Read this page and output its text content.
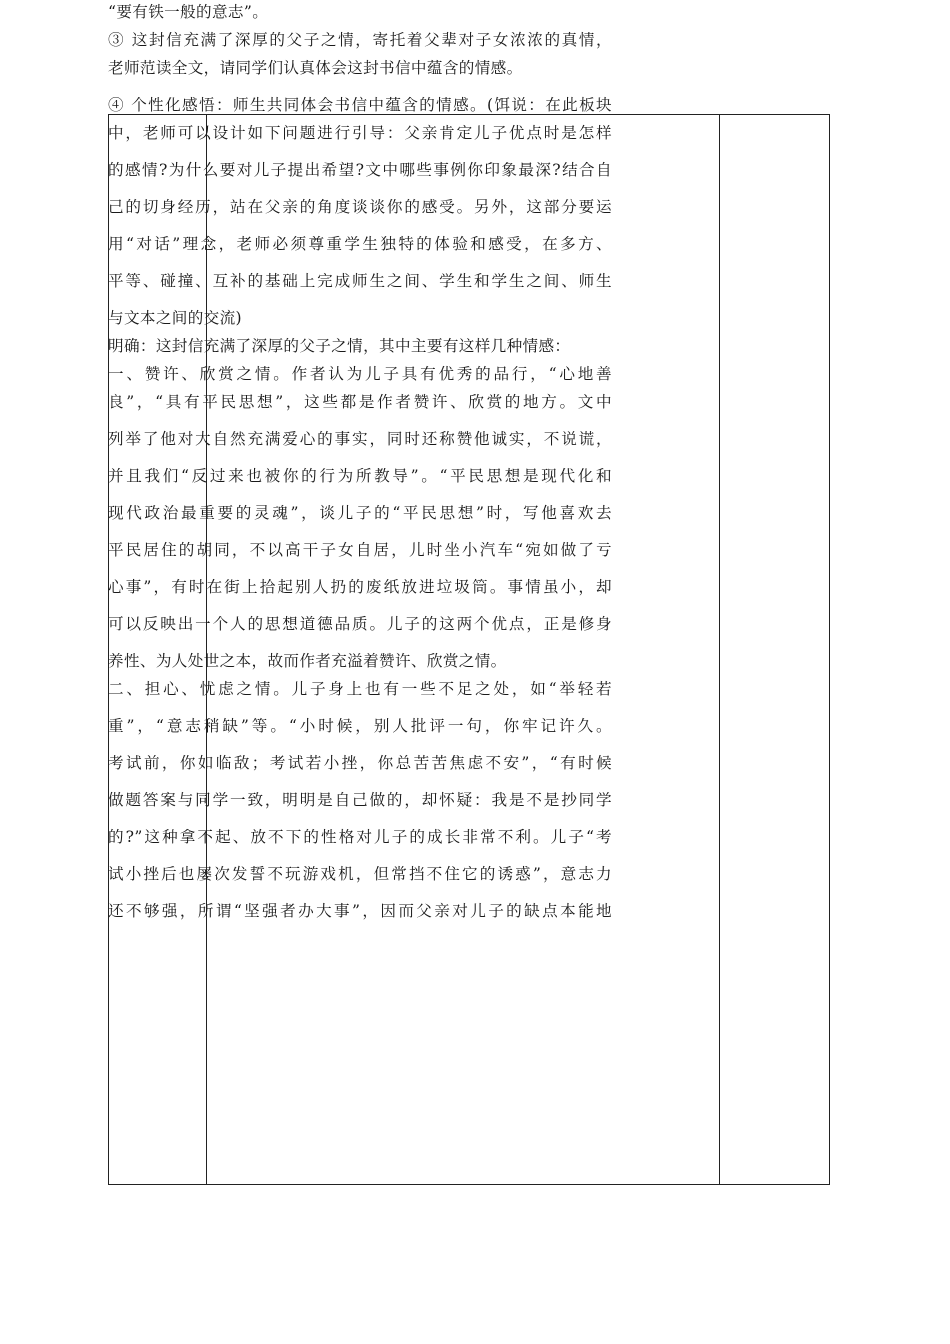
“要有铁一般的意志”。
③ 这封信充满了深厚的父子之情，寄托着父辈对子女浓浓的真情，
老师范读全文，请同学们认真体会这封书信中蕴含的情感。
④ 个性化感悟：师生共同体会书信中蕴含的情感。(饵说：在此板块
中，老师可以设计如下问题进行引导：父亲肯定儿子优点时是怎样
的感情?为什么要对儿子提出希望?文中哪些事例你印象最深?结合自
己的切身经历，站在父亲的角度谈谈你的感受。另外，这部分要运
用“对话”理念，老师必须尊重学生独特的体验和感受，在多方、
平等、碰撞、互补的基础上完成师生之间、学生和学生之间、师生
与文本之间的交流)
明确：这封信充满了深厚的父子之情，其中主要有这样几种情感：
一、赞许、欣赏之情。作者认为儿子具有优秀的品行，“心地善
良”，“具有平民思想”，这些都是作者赞许、欣赏的地方。文中
列举了他对大自然充满爱心的事实，同时还称赞他诚实，不说谎，
并且我们“反过来也被你的行为所教导”。“平民思想是现代化和
现代政治最重要的灵魂”，谈儿子的“平民思想”时，写他喜欢去
平民居住的胡同，不以高干子女自居，儿时坐小汽车“宛如做了亏
心事”，有时在街上拾起别人扔的废纸放进垃圾筒。事情虽小，却
可以反映出一个人的思想道德品质。儿子的这两个优点，正是修身
养性、为人处世之本，故而作者充溢着赞许、欣赏之情。
二、担心、忧虑之情。儿子身上也有一些不足之处，如“举轻若
重”，“意志稍缺”等。“小时候，别人批评一句，你牢记许久。
考试前，你如临敌；考试若小挫，你总苦苦焦虑不安”，“有时候
做题答案与同学一致，明明是自己做的，却怀疑：我是不是抄同学
的?”这种拿不起、放不下的性格对儿子的成长非常不利。儿子“考
试小挫后也屡次发誓不玩游戏机，但常挡不住它的诱惑”，意志力
还不够强，所谓“坚强者办大事”，因而父亲对儿子的缺点本能地
